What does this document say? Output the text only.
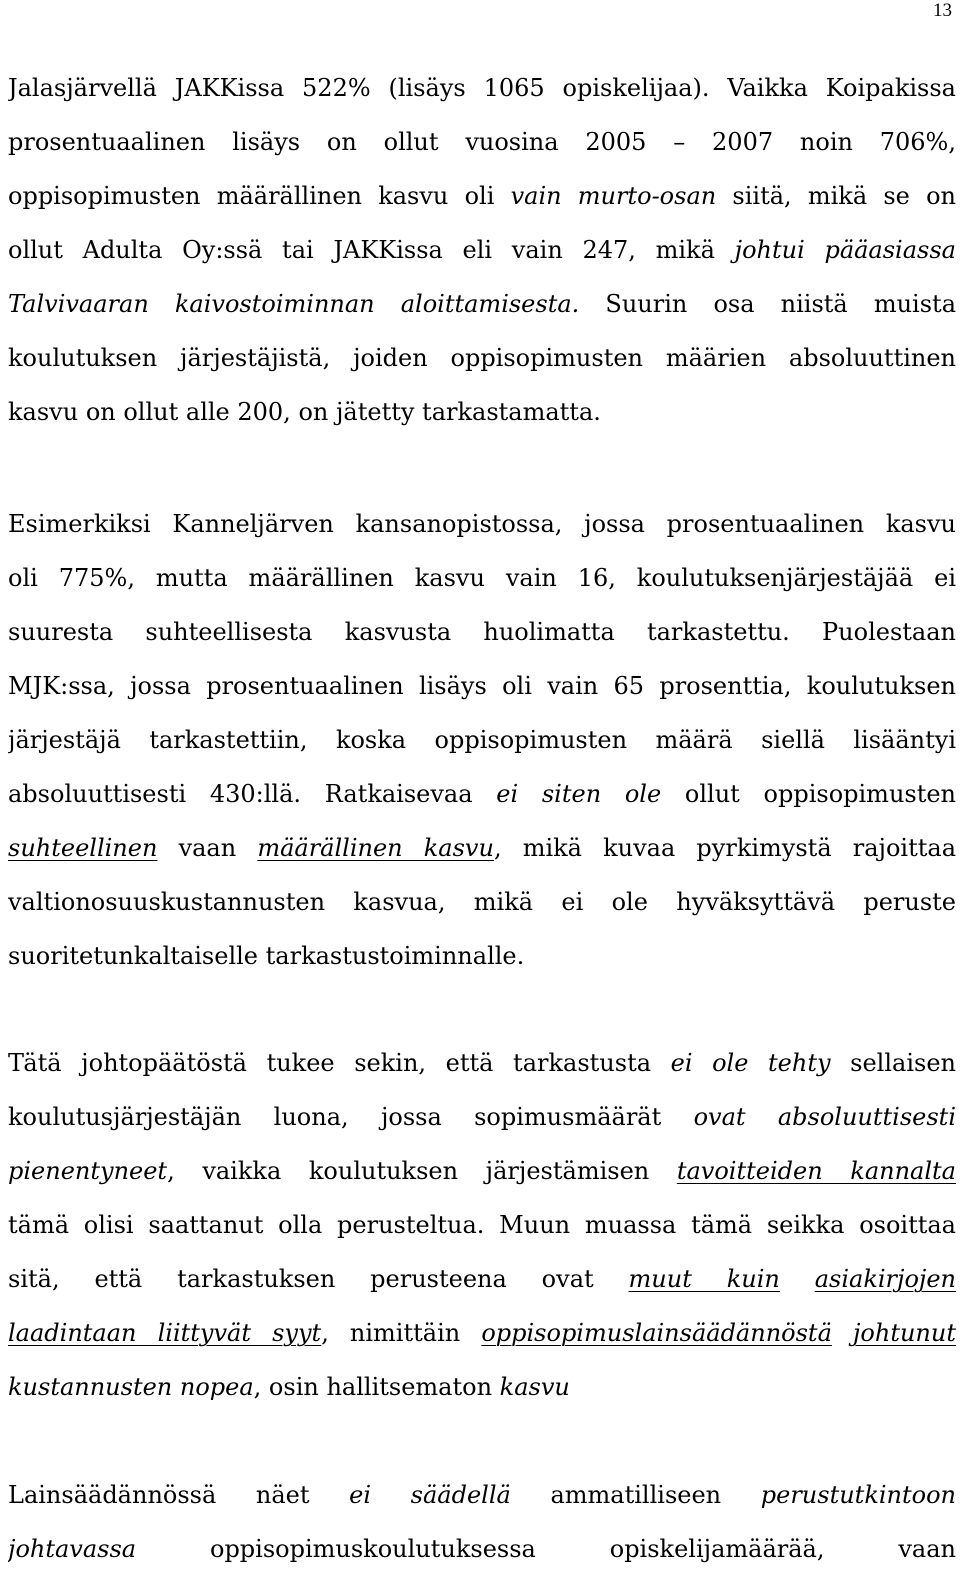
13
Jalasjärvellä JAKKissa 522% (lisäys 1065 opiskelijaa). Vaikka Koipakissa
prosentuaalinen lisäys on ollut vuosina 2005 – 2007 noin 706%,
oppisopimusten määrällinen kasvu oli vain murto-osan siitä, mikä se on
ollut Adulta Oy:ssä tai JAKKissa eli vain 247, mikä johtui pääasiassa
Talvivaaran kaivostoiminnan aloittamisesta. Suurin osa niistä muista
koulutuksen järjestäjistä, joiden oppisopimusten määrien absoluuttinen
kasvu on ollut alle 200, on jätetty tarkastamatta.
Esimerkiksi Kanneljärven kansanopistossa, jossa prosentuaalinen kasvu
oli 775%, mutta määrällinen kasvu vain 16, koulutuksenjärjestäjää ei
suuresta suhteellisesta kasvusta huolimatta tarkastettu. Puolestaan
MJK:ssa, jossa prosentuaalinen lisäys oli vain 65 prosenttia, koulutuksen
järjestäjä tarkastettiin, koska oppisopimusten määrä siellä lisääntyi
absoluuttisesti 430:llä. Ratkaisevaa ei siten ole ollut oppisopimusten
suhteellinen vaan määrällinen kasvu, mikä kuvaa pyrkimystä rajoittaa
valtionosuuskustannusten kasvua, mikä ei ole hyväksyttävä peruste
suoritetunkaltaiselle tarkastustoiminnalle.
Tätä johtopäätöstä tukee sekin, että tarkastusta ei ole tehty sellaisen
koulutusjärjestäjän luona, jossa sopimusmäärät ovat absoluuttisesti
pienentyneet, vaikka koulutuksen järjestämisen tavoitteiden kannalta
tämä olisi saattanut olla perusteltua. Muun muassa tämä seikka osoittaa
sitä, että tarkastuksen perusteena ovat muut kuin asiakirjojen
laadintaan liittyvät syyt, nimittäin oppisopimuslainsäädännöstä johtunut
kustannusten nopea, osin hallitsematon kasvu
Lainsäädännössä näet ei säädellä ammatilliseen perustutkintoon
johtavassa oppisopimuskoulutuksessa opiskelijamäärää, vaan
